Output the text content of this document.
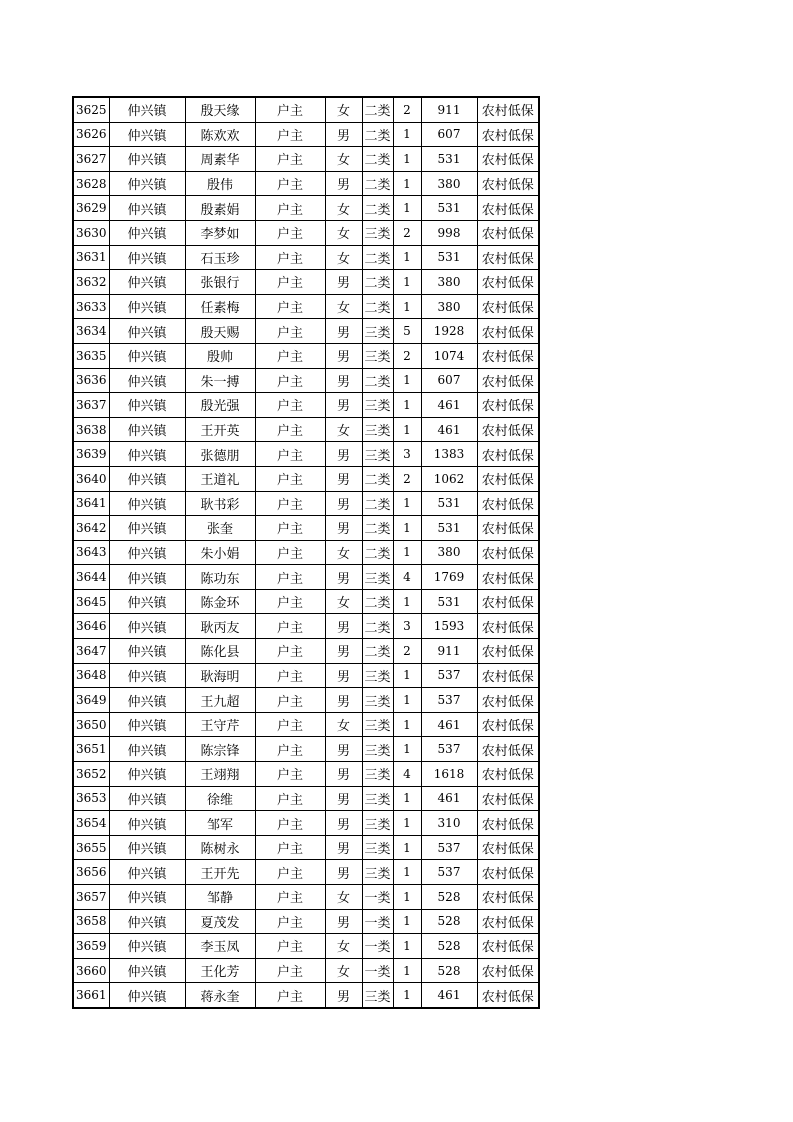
3625	仲兴镇	殷天缘	户主	女	二类	2	911	农村低保
3626	仲兴镇	陈欢欢	户主	男	二类	1	607	农村低保
3627	仲兴镇	周素华	户主	女	二类	1	531	农村低保
3628	仲兴镇	殷伟	户主	男	二类	1	380	农村低保
3629	仲兴镇	殷素娟	户主	女	二类	1	531	农村低保
3630	仲兴镇	李梦如	户主	女	三类	2	998	农村低保
3631	仲兴镇	石玉珍	户主	女	二类	1	531	农村低保
3632	仲兴镇	张银行	户主	男	二类	1	380	农村低保
3633	仲兴镇	任素梅	户主	女	二类	1	380	农村低保
3634	仲兴镇	殷天赐	户主	男	三类	5	1928	农村低保
3635	仲兴镇	殷帅	户主	男	三类	2	1074	农村低保
3636	仲兴镇	朱一搏	户主	男	二类	1	607	农村低保
3637	仲兴镇	殷光强	户主	男	三类	1	461	农村低保
3638	仲兴镇	王开英	户主	女	三类	1	461	农村低保
3639	仲兴镇	张德朋	户主	男	三类	3	1383	农村低保
3640	仲兴镇	王道礼	户主	男	二类	2	1062	农村低保
3641	仲兴镇	耿书彩	户主	男	二类	1	531	农村低保
3642	仲兴镇	张奎	户主	男	二类	1	531	农村低保
3643	仲兴镇	朱小娟	户主	女	二类	1	380	农村低保
3644	仲兴镇	陈功东	户主	男	三类	4	1769	农村低保
3645	仲兴镇	陈金环	户主	女	二类	1	531	农村低保
3646	仲兴镇	耿丙友	户主	男	二类	3	1593	农村低保
3647	仲兴镇	陈化县	户主	男	二类	2	911	农村低保
3648	仲兴镇	耿海明	户主	男	三类	1	537	农村低保
3649	仲兴镇	王九超	户主	男	三类	1	537	农村低保
3650	仲兴镇	王守芹	户主	女	三类	1	461	农村低保
3651	仲兴镇	陈宗锋	户主	男	三类	1	537	农村低保
3652	仲兴镇	王翊翔	户主	男	三类	4	1618	农村低保
3653	仲兴镇	徐维	户主	男	三类	1	461	农村低保
3654	仲兴镇	邹军	户主	男	三类	1	310	农村低保
3655	仲兴镇	陈树永	户主	男	三类	1	537	农村低保
3656	仲兴镇	王开先	户主	男	三类	1	537	农村低保
3657	仲兴镇	邹静	户主	女	一类	1	528	农村低保
3658	仲兴镇	夏茂发	户主	男	一类	1	528	农村低保
3659	仲兴镇	李玉凤	户主	女	一类	1	528	农村低保
3660	仲兴镇	王化芳	户主	女	一类	1	528	农村低保
3661	仲兴镇	蒋永奎	户主	男	三类	1	461	农村低保
